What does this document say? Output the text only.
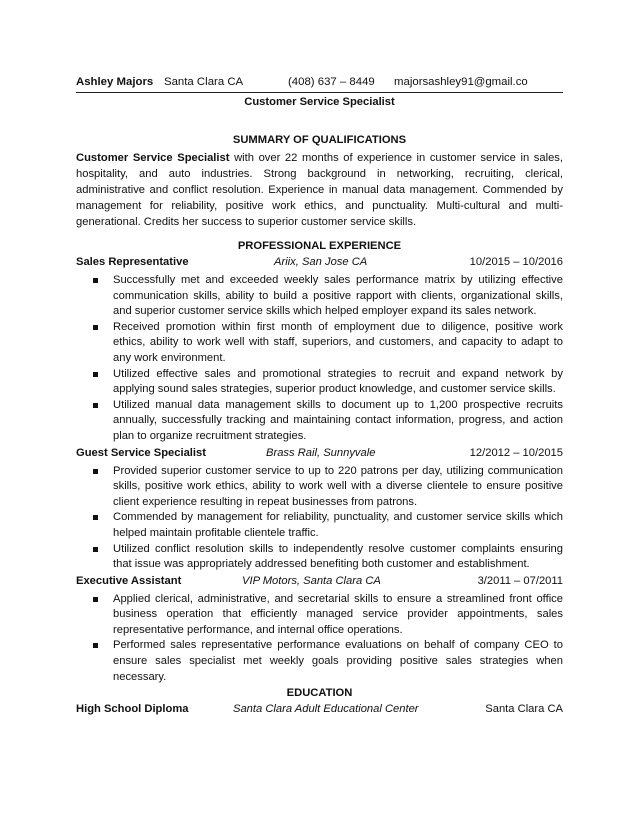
Ashley Majors Santa Clara CA	(408) 637 – 8449 majorsashley91@gmail.co
Customer Service Specialist
SUMMARY OF QUALIFICATIONS
Customer Service Specialist with over 22 months of experience in customer service in sales, hospitality, and auto industries. Strong background in networking, recruiting, clerical, administrative and conflict resolution. Experience in manual data management. Commended by management for reliability, positive work ethics, and punctuality. Multi-cultural and multi-generational. Credits her success to superior customer service skills.
PROFESSIONAL EXPERIENCE
Sales Representative	Ariix, San Jose CA	10/2015 – 10/2016
Successfully met and exceeded weekly sales performance matrix by utilizing effective communication skills, ability to build a positive rapport with clients, organizational skills, and superior customer service skills which helped employer expand its sales network.
Received promotion within first month of employment due to diligence, positive work ethics, ability to work well with staff, superiors, and customers, and capacity to adapt to any work environment.
Utilized effective sales and promotional strategies to recruit and expand network by applying sound sales strategies, superior product knowledge, and customer service skills.
Utilized manual data management skills to document up to 1,200 prospective recruits annually, successfully tracking and maintaining contact information, progress, and action plan to organize recruitment strategies.
Guest Service Specialist	Brass Rail, Sunnyvale	12/2012 – 10/2015
Provided superior customer service to up to 220 patrons per day, utilizing communication skills, positive work ethics, ability to work well with a diverse clientele to ensure positive client experience resulting in repeat businesses from patrons.
Commended by management for reliability, punctuality, and customer service skills which helped maintain profitable clientele traffic.
Utilized conflict resolution skills to independently resolve customer complaints ensuring that issue was appropriately addressed benefiting both customer and establishment.
Executive Assistant	VIP Motors, Santa Clara CA	3/2011 – 07/2011
Applied clerical, administrative, and secretarial skills to ensure a streamlined front office business operation that efficiently managed service provider appointments, sales representative performance, and internal office operations.
Performed sales representative performance evaluations on behalf of company CEO to ensure sales specialist met weekly goals providing positive sales strategies when necessary.
EDUCATION
High School Diploma	Santa Clara Adult Educational Center	Santa Clara CA
